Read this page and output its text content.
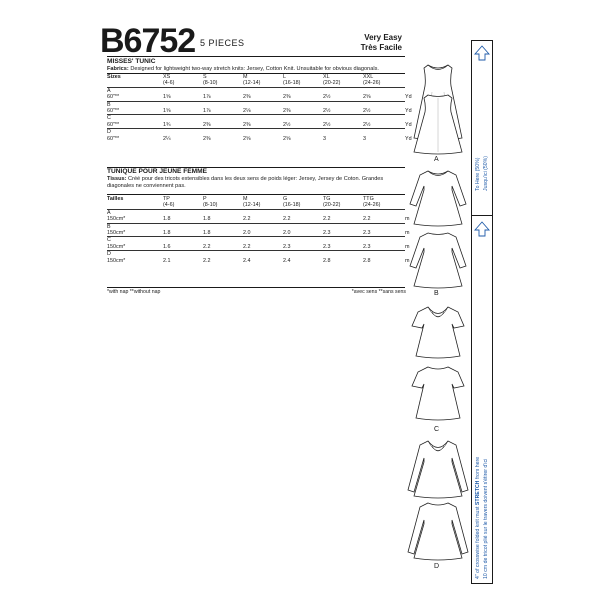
B6752 5 PIECES
Very Easy
Très Facile
MISSES' TUNIC
Fabrics: Designed for lightweight two-way stretch knits: Jersey, Cotton Knit. Unsuitable for obvious diagonals.
Sizes	XS	S	M	L	XL	XXL		
	(4-6)	(8-10)	(12-14)	(16-18)	(20-22)	(24-26)		
A								
60"**	1⅝	1⅞	2⅜	2⅜	2½	2⅝		Yd
B								
60"**	1⅝	1⅞	2⅛	2⅜	2½	2½		Yd
C								
60"**	1¾	2⅜	2⅜	2½	2½	2½		Yd
D								
60"**	2¼	2⅜	2⅝	2⅝	3	3		Yd
TUNIQUE POUR JEUNE FEMME
Tissus: Créé pour des tricots extensibles dans les deux sens de poids léger: Jersey, Jersey de Coton. Grandes diagonales ne conviennent pas.
Tailles	TP	P	M	G	TG	TTG		
	(4-6)	(8-10)	(12-14)	(16-18)	(20-22)	(24-26)		
A								
150cm*	1.8	1.8	2.2	2.2	2.2	2.2		m
B								
150cm*	1.8	1.8	2.0	2.0	2.3	2.3		m
C								
150cm*	1.6	2.2	2.2	2.3	2.3	2.3		m
D								
150cm*	2.1	2.2	2.4	2.4	2.8	2.8		m
*with nap **without nap	*avec sens **sans sens
A
B
C
D
To Here (50%) Jusqu'ici (50%)
4" of crosswise folded knit must STRETCH from here 10 cm de tricot plié sur le travers doivent s'étirer d'ici
